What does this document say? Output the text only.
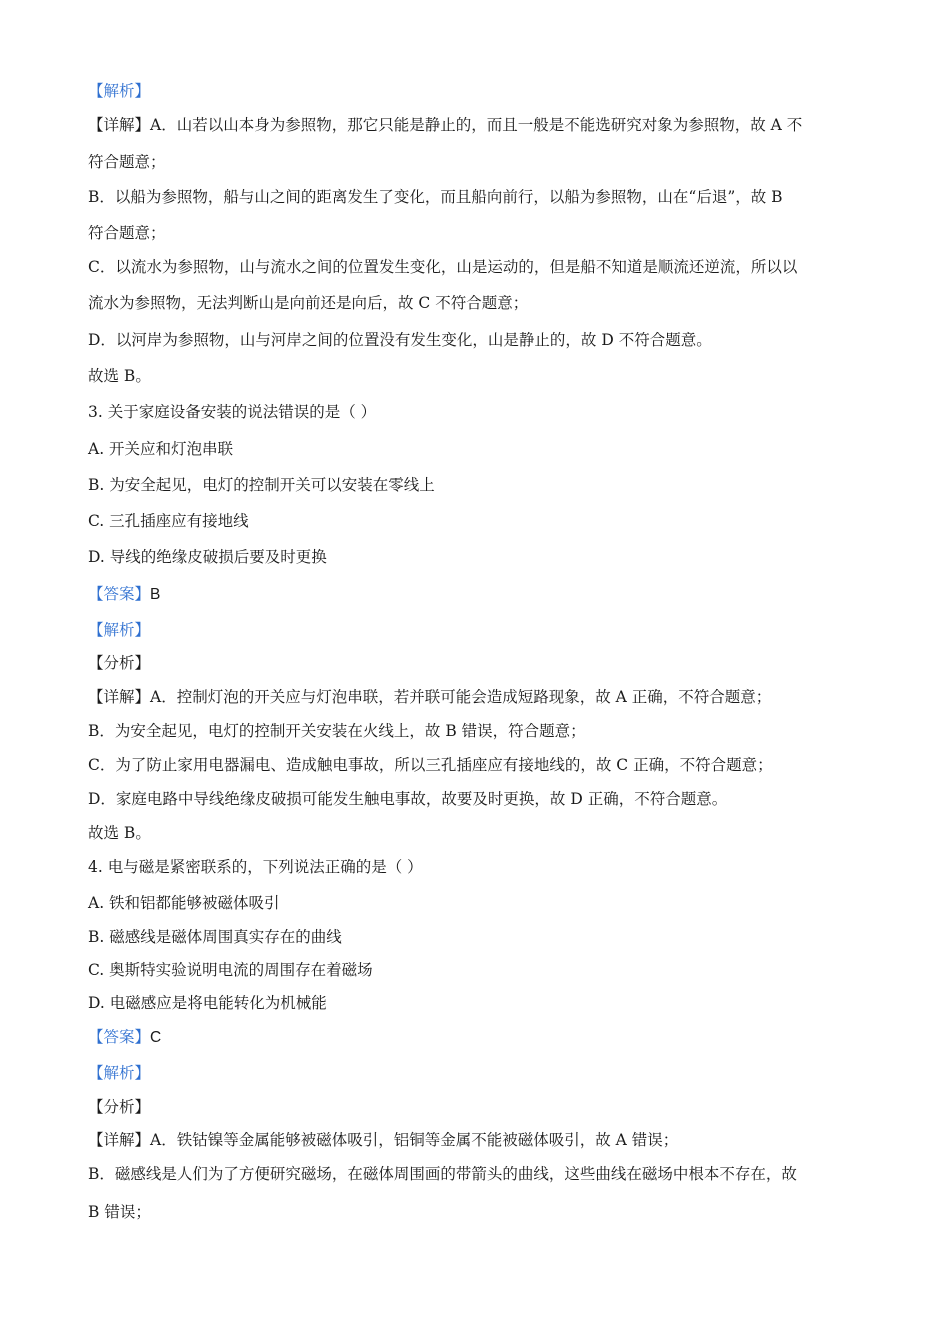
【解析】

【详解】A．山若以山本身为参照物，那它只能是静止的，而且一般是不能选研究对象为参照物，故 A 不

符合题意；

B．以船为参照物，船与山之间的距离发生了变化，而且船向前行，以船为参照物，山在“后退”，故 B

符合题意；

C．以流水为参照物，山与流水之间的位置发生变化，山是运动的，但是船不知道是顺流还逆流，所以以

流水为参照物，无法判断山是向前还是向后，故 C 不符合题意；

D．以河岸为参照物，山与河岸之间的位置没有发生变化，山是静止的，故 D 不符合题意。

故选 B。

3. 关于家庭设备安装的说法错误的是（ ）

A. 开关应和灯泡串联

B. 为安全起见，电灯的控制开关可以安装在零线上

C. 三孔插座应有接地线

D. 导线的绝缘皮破损后要及时更换

【答案】B

【解析】

【分析】

【详解】A．控制灯泡的开关应与灯泡串联，若并联可能会造成短路现象，故 A 正确，不符合题意；

B．为安全起见，电灯的控制开关安装在火线上，故 B 错误，符合题意；

C．为了防止家用电器漏电、造成触电事故，所以三孔插座应有接地线的，故 C 正确，不符合题意；

D．家庭电路中导线绝缘皮破损可能发生触电事故，故要及时更换，故 D 正确，不符合题意。

故选 B。

4. 电与磁是紧密联系的，下列说法正确的是（ ）

A. 铁和铝都能够被磁体吸引

B. 磁感线是磁体周围真实存在的曲线

C. 奥斯特实验说明电流的周围存在着磁场

D. 电磁感应是将电能转化为机械能

【答案】C

【解析】

【分析】

【详解】A．铁钴镍等金属能够被磁体吸引，铝铜等金属不能被磁体吸引，故 A 错误；

B．磁感线是人们为了方便研究磁场，在磁体周围画的带箭头的曲线，这些曲线在磁场中根本不存在，故

B 错误；
